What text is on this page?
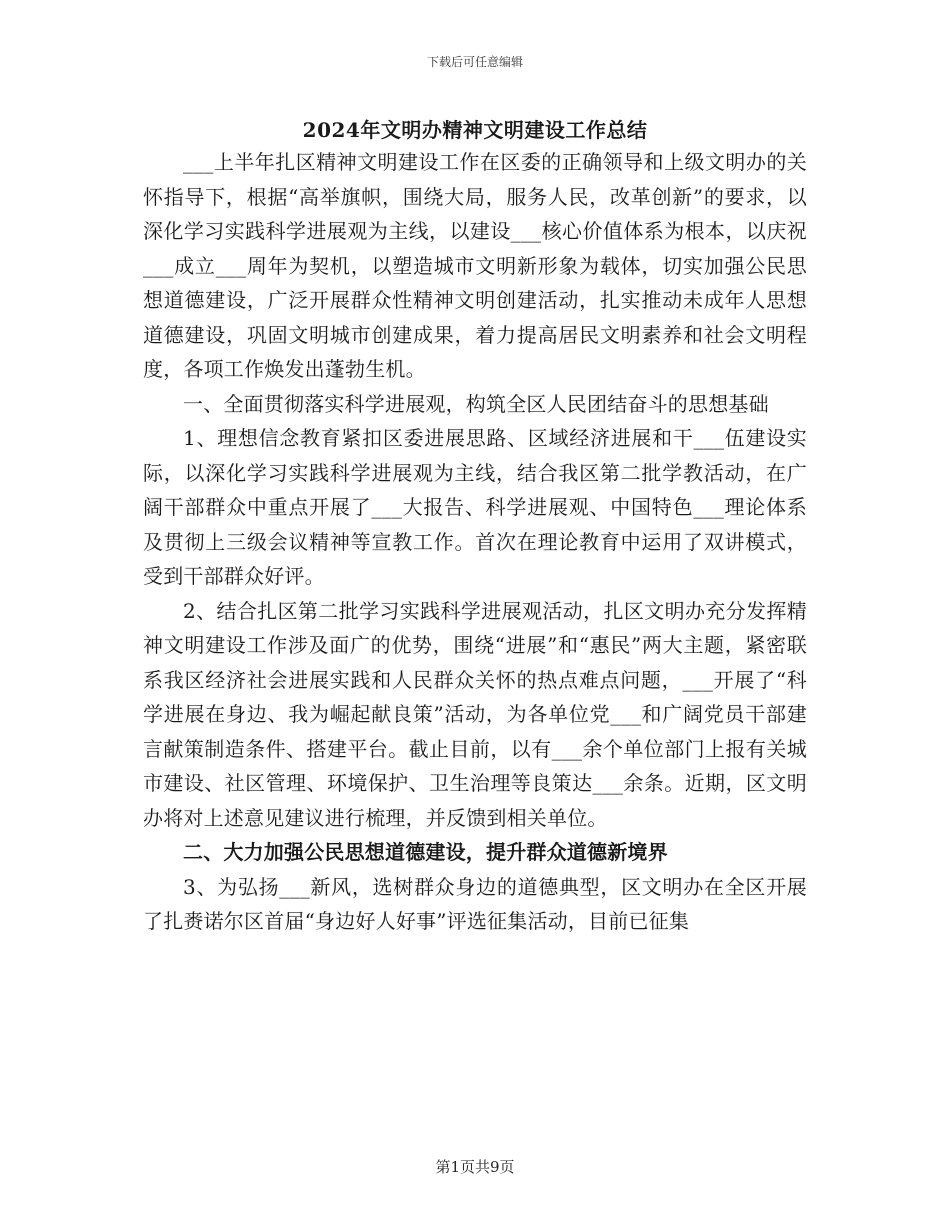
下载后可任意编辑
2024年文明办精神文明建设工作总结

___上半年扎区精神文明建设工作在区委的正确领导和上级文明办的关怀指导下，根据“高举旗帜，围绕大局，服务人民，改革创新”的要求，以深化学习实践科学进展观为主线，以建设___核心价值体系为根本，以庆祝___成立___周年为契机，以塑造城市文明新形象为载体，切实加强公民思想道德建设，广泛开展群众性精神文明创建活动，扎实推动未成年人思想道德建设，巩固文明城市创建成果，着力提高居民文明素养和社会文明程度，各项工作焕发出蓬勃生机。

一、全面贯彻落实科学进展观，构筑全区人民团结奋斗的思想基础

1、理想信念教育紧扣区委进展思路、区域经济进展和干___伍建设实际，以深化学习实践科学进展观为主线，结合我区第二批学教活动，在广阔干部群众中重点开展了___大报告、科学进展观、中国特色___理论体系及贯彻上三级会议精神等宣教工作。首次在理论教育中运用了双讲模式，受到干部群众好评。

2、结合扎区第二批学习实践科学进展观活动，扎区文明办充分发挥精神文明建设工作涉及面广的优势，围绕“进展”和“惠民”两大主题，紧密联系我区经济社会进展实践和人民群众关怀的热点难点问题，___开展了“科学进展在身边、我为崛起献良策”活动，为各单位党___和广阔党员干部建言献策制造条件、搭建平台。截止目前，以有___余个单位部门上报有关城市建设、社区管理、环境保护、卫生治理等良策达___余条。近期，区文明办将对上述意见建议进行梳理，并反馈到相关单位。

二、大力加强公民思想道德建设，提升群众道德新境界

3、为弘扬___新风，选树群众身边的道德典型，区文明办在全区开展了扎赉诺尔区首届“身边好人好事”评选征集活动，目前已征集

第1页共9页
